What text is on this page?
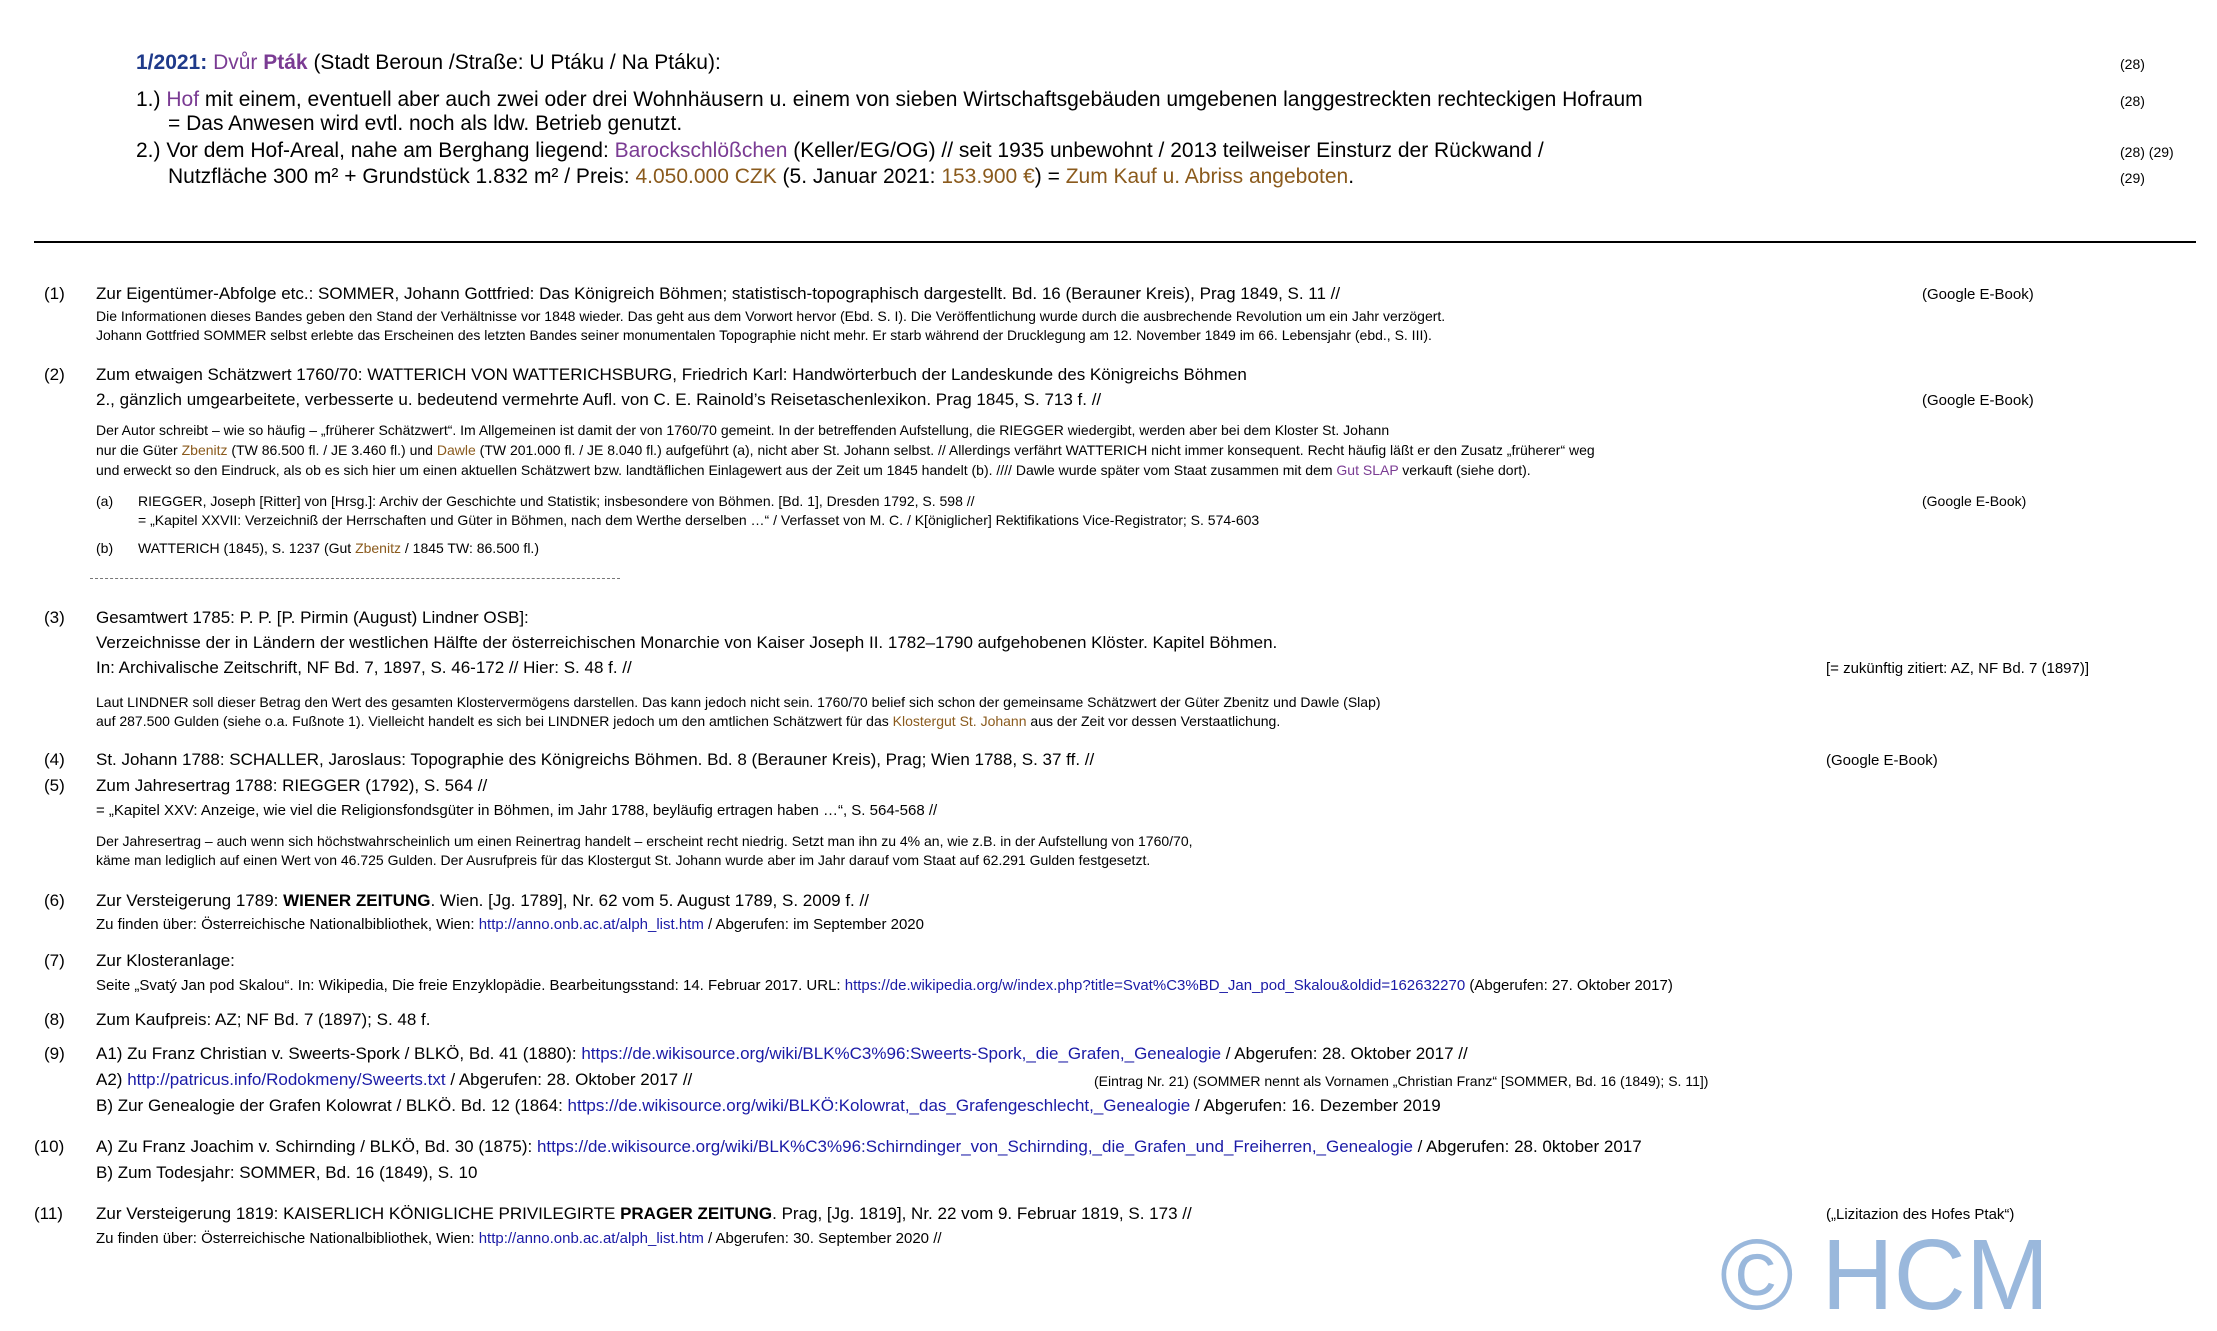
1/2021: Dvůr Pták (Stadt Beroun /Straße: U Ptáku / Na Ptáku):	(28)
1.) Hof mit einem, eventuell aber auch zwei oder drei Wohnhäusern u. einem von sieben Wirtschaftsgebäuden umgebenen langgestreckten rechteckigen Hofraum	(28)
= Das Anwesen wird evtl. noch als ldw. Betrieb genutzt.
2.) Vor dem Hof-Areal, nahe am Berghang liegend: Barockschlößchen (Keller/EG/OG) // seit 1935 unbewohnt / 2013 teilweiser Einsturz der Rückwand /	(28) (29)
Nutzfläche 300 m² + Grundstück 1.832 m² / Preis: 4.050.000 CZK (5. Januar 2021: 153.900 €) = Zum Kauf u. Abriss angeboten.	(29)
(1) Zur Eigentümer-Abfolge etc.: SOMMER, Johann Gottfried: Das Königreich Böhmen; statistisch-topographisch dargestellt. Bd. 16 (Berauner Kreis), Prag 1849, S. 11 //	(Google E-Book)
Die Informationen dieses Bandes geben den Stand der Verhältnisse vor 1848 wieder. Das geht aus dem Vorwort hervor (Ebd. S. I). Die Veröffentlichung wurde durch die ausbrechende Revolution um ein Jahr verzögert.
Johann Gottfried SOMMER selbst erlebte das Erscheinen des letzten Bandes seiner monumentalen Topographie nicht mehr. Er starb während der Drucklegung am 12. November 1849 im 66. Lebensjahr (ebd., S. III).
(2) Zum etwaigen Schätzwert 1760/70: WATTERICH VON WATTERICHSBURG, Friedrich Karl: Handwörterbuch der Landeskunde des Königreichs Böhmen
2., gänzlich umgearbeitete, verbesserte u. bedeutend vermehrte Aufl. von C. E. Rainold’s Reisetaschenlexikon. Prag 1845, S. 713 f. //	(Google E-Book)
Der Autor schreibt – wie so häufig – „früherer Schätzwert“. Im Allgemeinen ist damit der von 1760/70 gemeint. In der betreffenden Aufstellung, die RIEGGER wiedergibt, werden aber bei dem Kloster St. Johann
nur die Güter Zbenitz (TW 86.500 fl. / JE 3.460 fl.) und Dawle (TW 201.000 fl. / JE 8.040 fl.) aufgeführt (a), nicht aber St. Johann selbst. // Allerdings verfährt WATTERICH nicht immer konsequent. Recht häufig läßt er den Zusatz „früherer“ weg
und erweckt so den Eindruck, als ob es sich hier um einen aktuellen Schätzwert bzw. landtäflichen Einlagewert aus der Zeit um 1845 handelt (b). //// Dawle wurde später vom Staat zusammen mit dem Gut SLAP verkauft (siehe dort).
(a) RIEGGER, Joseph [Ritter] von [Hrsg.]: Archiv der Geschichte und Statistik; insbesondere von Böhmen. [Bd. 1], Dresden 1792, S. 598 //	(Google E-Book)
= „Kapitel XXVII: Verzeichniß der Herrschaften und Güter in Böhmen, nach dem Werthe derselben …“ / Verfasset von M. C. / K[öniglicher] Rektifikations Vice-Registrator; S. 574-603
(b) WATTERICH (1845), S. 1237 (Gut Zbenitz / 1845 TW: 86.500 fl.)
(3) Gesamtwert 1785: P. P. [P. Pirmin (August) Lindner OSB]:
Verzeichnisse der in Ländern der westlichen Hälfte der österreichischen Monarchie von Kaiser Joseph II. 1782–1790 aufgehobenen Klöster. Kapitel Böhmen.
In: Archivalische Zeitschrift, NF Bd. 7, 1897, S. 46-172 // Hier: S. 48 f. //	[= zukünftig zitiert: AZ, NF Bd. 7 (1897)]
Laut LINDNER soll dieser Betrag den Wert des gesamten Klostervermögens darstellen. Das kann jedoch nicht sein. 1760/70 belief sich schon der gemeinsame Schätzwert der Güter Zbenitz und Dawle (Slap)
auf 287.500 Gulden (siehe o.a. Fußnote 1). Vielleicht handelt es sich bei LINDNER jedoch um den amtlichen Schätzwert für das Klostergut St. Johann aus der Zeit vor dessen Verstaatlichung.
(4) St. Johann 1788: SCHALLER, Jaroslaus: Topographie des Königreichs Böhmen. Bd. 8 (Berauner Kreis), Prag; Wien 1788, S. 37 ff. //	(Google E-Book)
(5) Zum Jahresertrag 1788: RIEGGER (1792), S. 564 //
= „Kapitel XXV: Anzeige, wie viel die Religionsfondsgüter in Böhmen, im Jahr 1788, beyläufig ertragen haben …“, S. 564-568 //
Der Jahresertrag – auch wenn sich höchstwahrscheinlich um einen Reinertrag handelt – erscheint recht niedrig. Setzt man ihn zu 4% an, wie z.B. in der Aufstellung von 1760/70,
käme man lediglich auf einen Wert von 46.725 Gulden. Der Ausrufpreis für das Klostergut St. Johann wurde aber im Jahr darauf vom Staat auf 62.291 Gulden festgesetzt.
(6) Zur Versteigerung 1789: WIENER ZEITUNG. Wien. [Jg. 1789], Nr. 62 vom 5. August 1789, S. 2009 f. //
Zu finden über: Österreichische Nationalbibliothek, Wien: http://anno.onb.ac.at/alph_list.htm / Abgerufen: im September 2020
(7) Zur Klosteranlage:
Seite „Svatý Jan pod Skalou“. In: Wikipedia, Die freie Enzyklopädie. Bearbeitungsstand: 14. Februar 2017. URL: https://de.wikipedia.org/w/index.php?title=Svat%C3%BD_Jan_pod_Skalou&oldid=162632270 (Abgerufen: 27. Oktober 2017)
(8) Zum Kaufpreis: AZ; NF Bd. 7 (1897); S. 48 f.
(9) A1) Zu Franz Christian v. Sweerts-Spork / BLKÖ, Bd. 41 (1880): https://de.wikisource.org/wiki/BLK%C3%96:Sweerts-Spork,_die_Grafen,_Genealogie / Abgerufen: 28. Oktober 2017 //
A2) http://patricus.info/Rodokmeny/Sweerts.txt / Abgerufen: 28. Oktober 2017 //	(Eintrag Nr. 21) (SOMMER nennt als Vornamen „Christian Franz“ [SOMMER, Bd. 16 (1849); S. 11])
B) Zur Genealogie der Grafen Kolowrat / BLKÖ. Bd. 12 (1864: https://de.wikisource.org/wiki/BLKÖ:Kolowrat,_das_Grafengeschlecht,_Genealogie / Abgerufen: 16. Dezember 2019
(10) A) Zu Franz Joachim v. Schirnding / BLKÖ, Bd. 30 (1875): https://de.wikisource.org/wiki/BLK%C3%96:Schirndinger_von_Schirnding,_die_Grafen_und_Freiherren,_Genealogie / Abgerufen: 28. 0ktober 2017
B) Zum Todesjahr: SOMMER, Bd. 16 (1849), S. 10
(11) Zur Versteigerung 1819: KAISERLICH KÖNIGLICHE PRIVILEGIRTE PRAGER ZEITUNG. Prag, [Jg. 1819], Nr. 22 vom 9. Februar 1819, S. 173 //	(„Lizitazion des Hofes Ptak“)
Zu finden über: Österreichische Nationalbibliothek, Wien: http://anno.onb.ac.at/alph_list.htm / Abgerufen: 30. September 2020 //	© HCM
